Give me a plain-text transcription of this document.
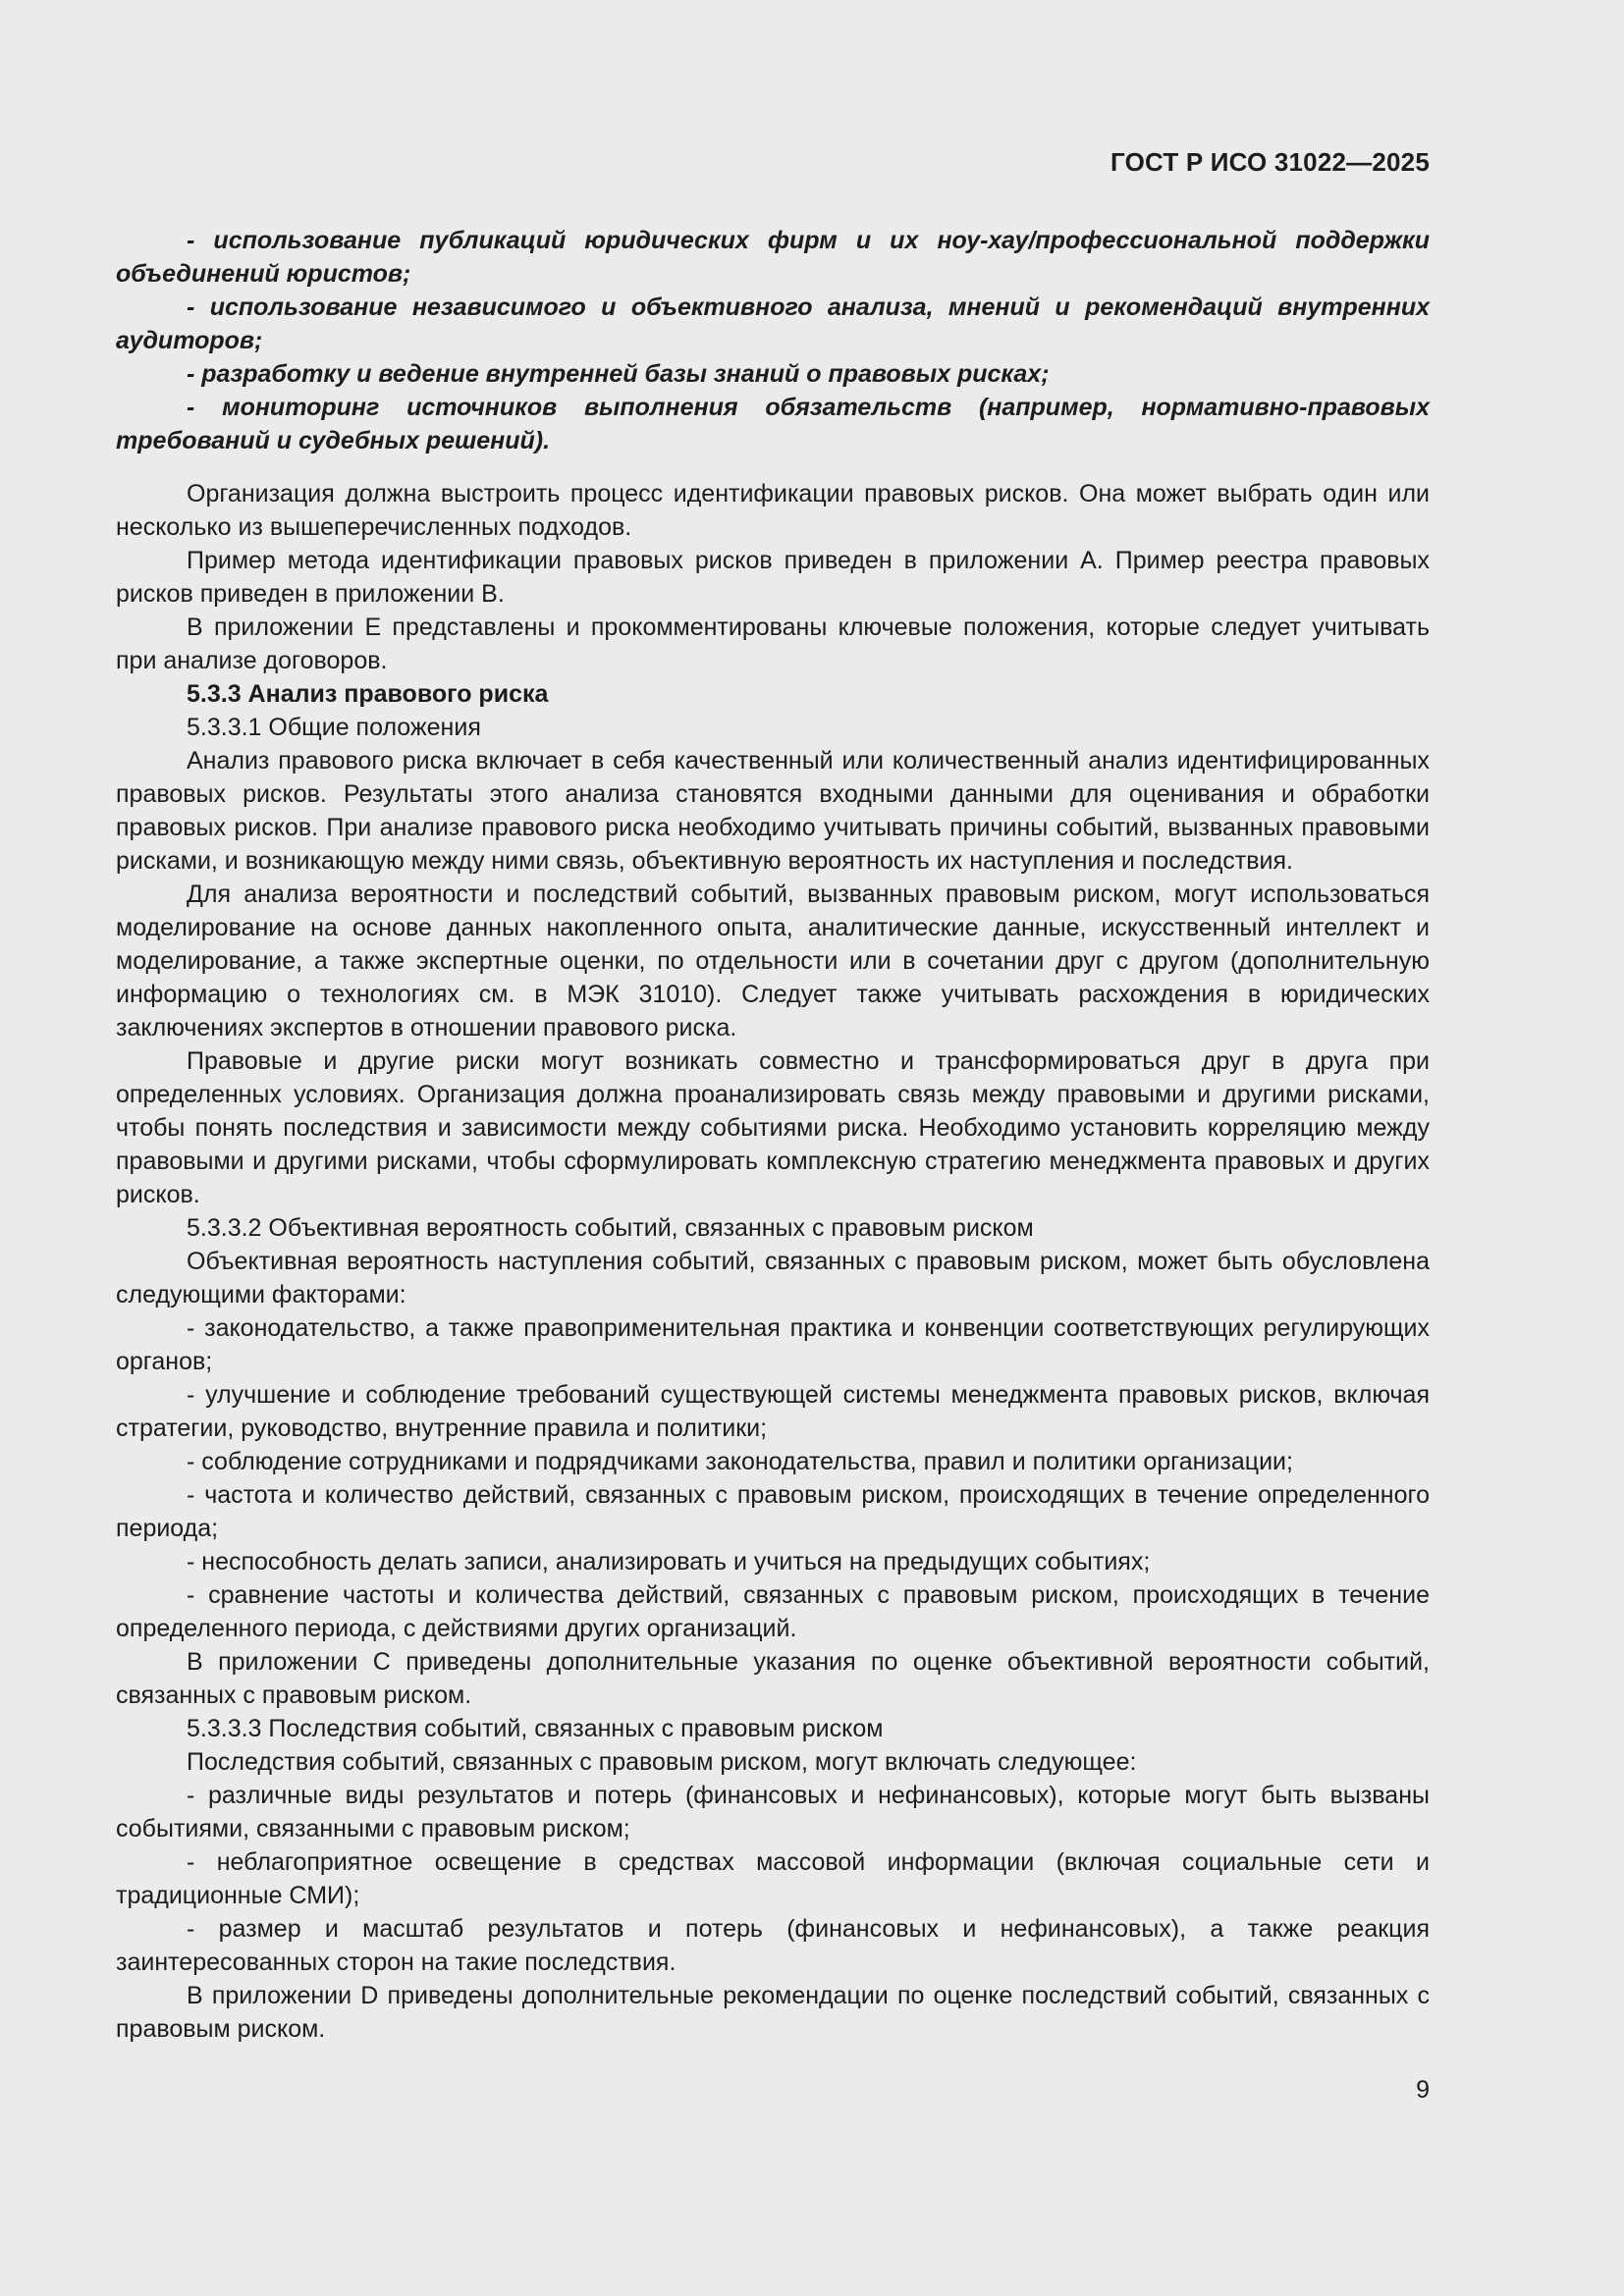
ГОСТ Р ИСО 31022—2025

- использование публикаций юридических фирм и их ноу-хау/профессиональной поддержки объединений юристов;

- использование независимого и объективного анализа, мнений и рекомендаций внутренних аудиторов;

- разработку и ведение внутренней базы знаний о правовых рисках;

- мониторинг источников выполнения обязательств (например, нормативно-правовых требований и судебных решений).

Организация должна выстроить процесс идентификации правовых рисков. Она может выбрать один или несколько из вышеперечисленных подходов.

Пример метода идентификации правовых рисков приведен в приложении А. Пример реестра правовых рисков приведен в приложении В.

В приложении Е представлены и прокомментированы ключевые положения, которые следует учитывать при анализе договоров.

5.3.3 Анализ правового риска

5.3.3.1 Общие положения

Анализ правового риска включает в себя качественный или количественный анализ идентифицированных правовых рисков. Результаты этого анализа становятся входными данными для оценивания и обработки правовых рисков. При анализе правового риска необходимо учитывать причины событий, вызванных правовыми рисками, и возникающую между ними связь, объективную вероятность их наступления и последствия.

Для анализа вероятности и последствий событий, вызванных правовым риском, могут использоваться моделирование на основе данных накопленного опыта, аналитические данные, искусственный интеллект и моделирование, а также экспертные оценки, по отдельности или в сочетании друг с другом (дополнительную информацию о технологиях см. в МЭК 31010). Следует также учитывать расхождения в юридических заключениях экспертов в отношении правового риска.

Правовые и другие риски могут возникать совместно и трансформироваться друг в друга при определенных условиях. Организация должна проанализировать связь между правовыми и другими рисками, чтобы понять последствия и зависимости между событиями риска. Необходимо установить корреляцию между правовыми и другими рисками, чтобы сформулировать комплексную стратегию менеджмента правовых и других рисков.

5.3.3.2 Объективная вероятность событий, связанных с правовым риском

Объективная вероятность наступления событий, связанных с правовым риском, может быть обусловлена следующими факторами:

- законодательство, а также правоприменительная практика и конвенции соответствующих регулирующих органов;

- улучшение и соблюдение требований существующей системы менеджмента правовых рисков, включая стратегии, руководство, внутренние правила и политики;

- соблюдение сотрудниками и подрядчиками законодательства, правил и политики организации;

- частота и количество действий, связанных с правовым риском, происходящих в течение определенного периода;

- неспособность делать записи, анализировать и учиться на предыдущих событиях;

- сравнение частоты и количества действий, связанных с правовым риском, происходящих в течение определенного периода, с действиями других организаций.

В приложении С приведены дополнительные указания по оценке объективной вероятности событий, связанных с правовым риском.

5.3.3.3 Последствия событий, связанных с правовым риском

Последствия событий, связанных с правовым риском, могут включать следующее:

- различные виды результатов и потерь (финансовых и нефинансовых), которые могут быть вызваны событиями, связанными с правовым риском;

- неблагоприятное освещение в средствах массовой информации (включая социальные сети и традиционные СМИ);

- размер и масштаб результатов и потерь (финансовых и нефинансовых), а также реакция заинтересованных сторон на такие последствия.

В приложении D приведены дополнительные рекомендации по оценке последствий событий, связанных с правовым риском.

9
